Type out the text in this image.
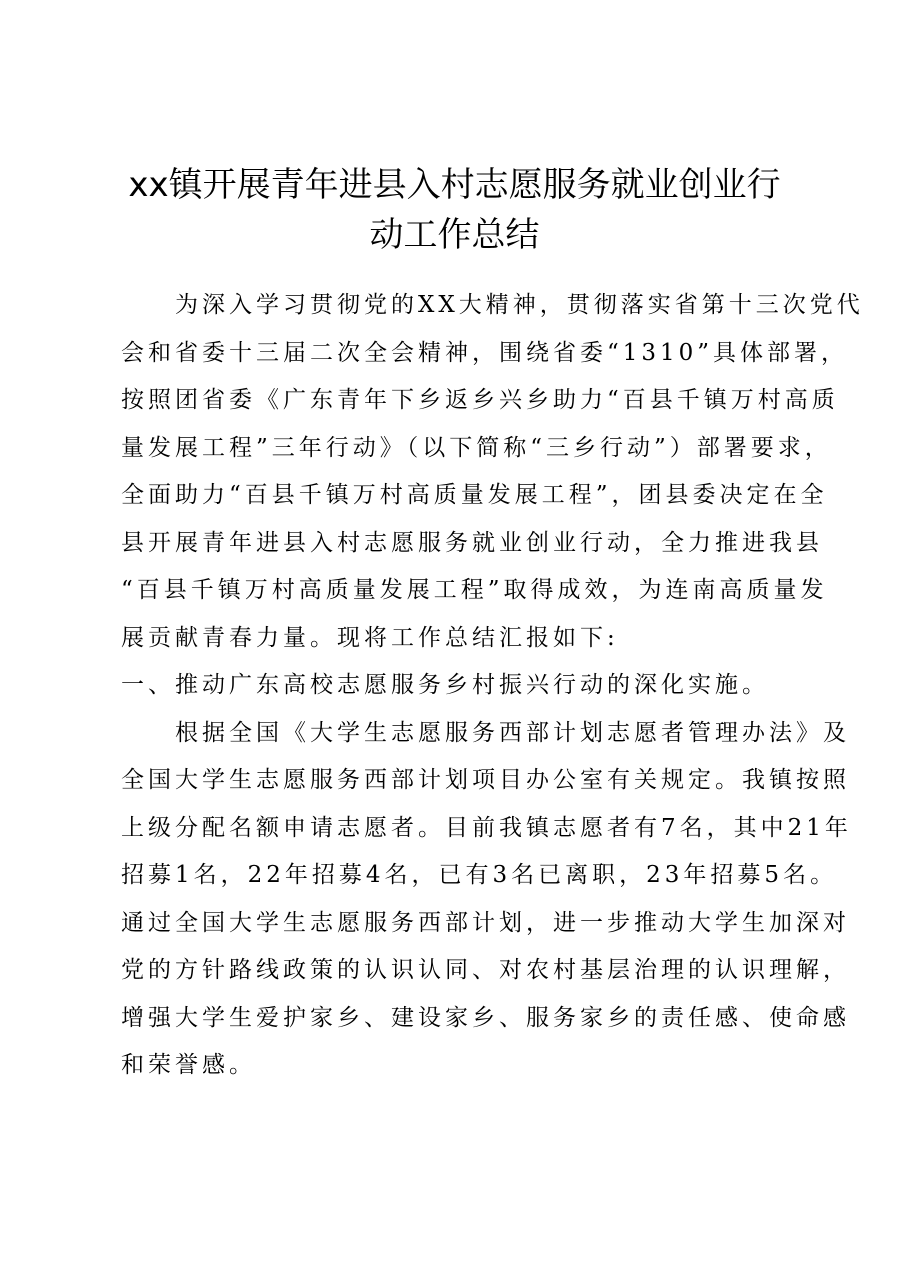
xx镇开展青年进县入村志愿服务就业创业行
动工作总结
　　为深入学习贯彻党的XX大精神，贯彻落实省第十三次党代
会和省委十三届二次全会精神，围绕省委“1310”具体部署，
按照团省委《广东青年下乡返乡兴乡助力“百县千镇万村高质
量发展工程”三年行动》（以下简称“三乡行动”）部署要求，
全面助力“百县千镇万村高质量发展工程”，团县委决定在全
县开展青年进县入村志愿服务就业创业行动，全力推进我县
“百县千镇万村高质量发展工程”取得成效，为连南高质量发
展贡献青春力量。现将工作总结汇报如下:
一、推动广东高校志愿服务乡村振兴行动的深化实施。
　　根据全国《大学生志愿服务西部计划志愿者管理办法》及
全国大学生志愿服务西部计划项目办公室有关规定。我镇按照
上级分配名额申请志愿者。目前我镇志愿者有7名，其中21年
招募1名，22年招募4名，已有3名已离职，23年招募5名。
通过全国大学生志愿服务西部计划，进一步推动大学生加深对
党的方针路线政策的认识认同、对农村基层治理的认识理解，
增强大学生爱护家乡、建设家乡、服务家乡的责任感、使命感
和荣誉感。
